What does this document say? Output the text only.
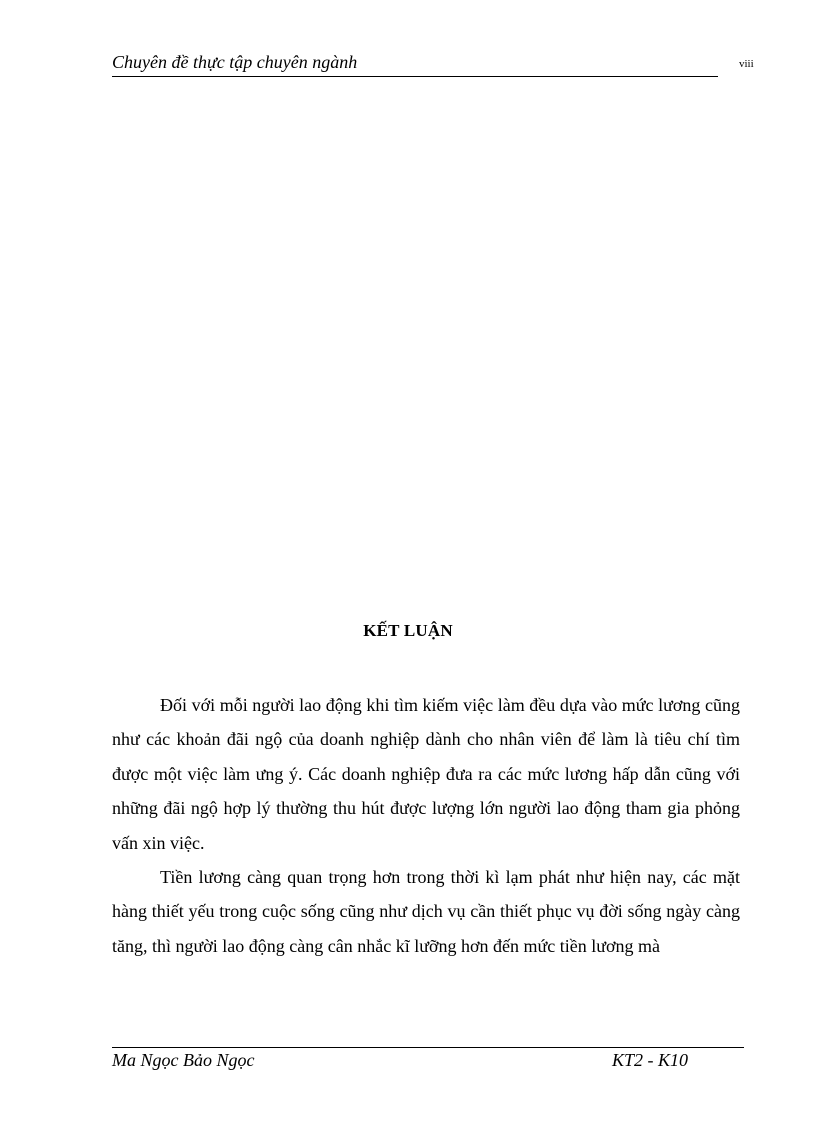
Chuyên đề thực tập chuyên ngành	viii
KẾT LUẬN

Đối với mỗi người lao động khi tìm kiếm việc làm đều dựa vào mức lương cũng như các khoản đãi ngộ của doanh nghiệp dành cho nhân viên để làm là tiêu chí tìm được một việc làm ưng ý. Các doanh nghiệp đưa ra các mức lương hấp dẫn cũng với những đãi ngộ hợp lý thường thu hút được lượng lớn người lao động tham gia phỏng vấn xin việc.

Tiền lương càng quan trọng hơn trong thời kì lạm phát như hiện nay, các mặt hàng thiết yếu trong cuộc sống cũng như dịch vụ cần thiết phục vụ đời sống ngày càng tăng, thì người lao động càng cân nhắc kĩ lưỡng hơn đến mức tiền lương mà

Ma Ngọc Bảo Ngọc	KT2 - K10
